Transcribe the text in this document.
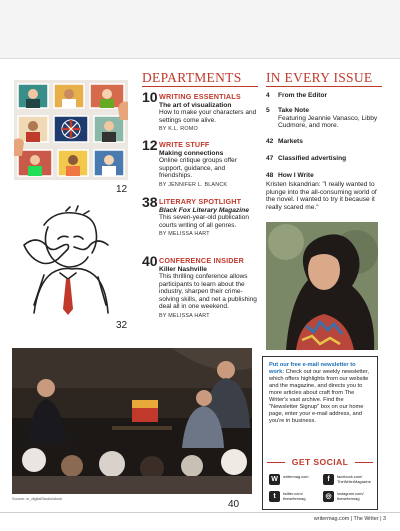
12
32
DEPARTMENTS
10 WRITING ESSENTIALS
The art of visualization
How to make your characters and settings come alive.
BY K.L. ROMO
12 WRITE STUFF
Making connections
Online critique groups offer support, guidance, and friendships.
BY JENNIFER L. BLANCK
38 LITERARY SPOTLIGHT
Black Fox Literary Magazine
This seven-year-old publication courts writing of all genres.
BY MELISSA HART
40 CONFERENCE INSIDER
Killer Nashville
This thrilling conference allows participants to learn about the industry, sharpen their crime-solving skills, and net a publishing deal all in one weekend.
BY MELISSA HART
IN EVERY ISSUE
4 From the Editor
5 Take Note
Featuring Jeannie Vanasco, Libby Cudmore, and more.
42 Markets
47 Classified advertising
48 How I Write
Kristen Iskandrian: "I really wanted to plunge into the all-consuming world of the novel. I wanted to try it because it really scared me."
Source: m_digitalStudio/stock	40

Put our free e-mail newsletter to work: Check out our weekly newsletter, which offers highlights from our website and the magazine, and directs you to more articles about craft from The Writer's vast archive. Find the "Newsletter Signup" box on our home page, enter your e-mail address, and you're in business.

GET SOCIAL
W	writermag.com	f	facebook.com/ TheWriterMagazine
t	twitter.com/ thewritermag	◎	instagram.com/ thewritermag
writermag.com | The Writer | 3
